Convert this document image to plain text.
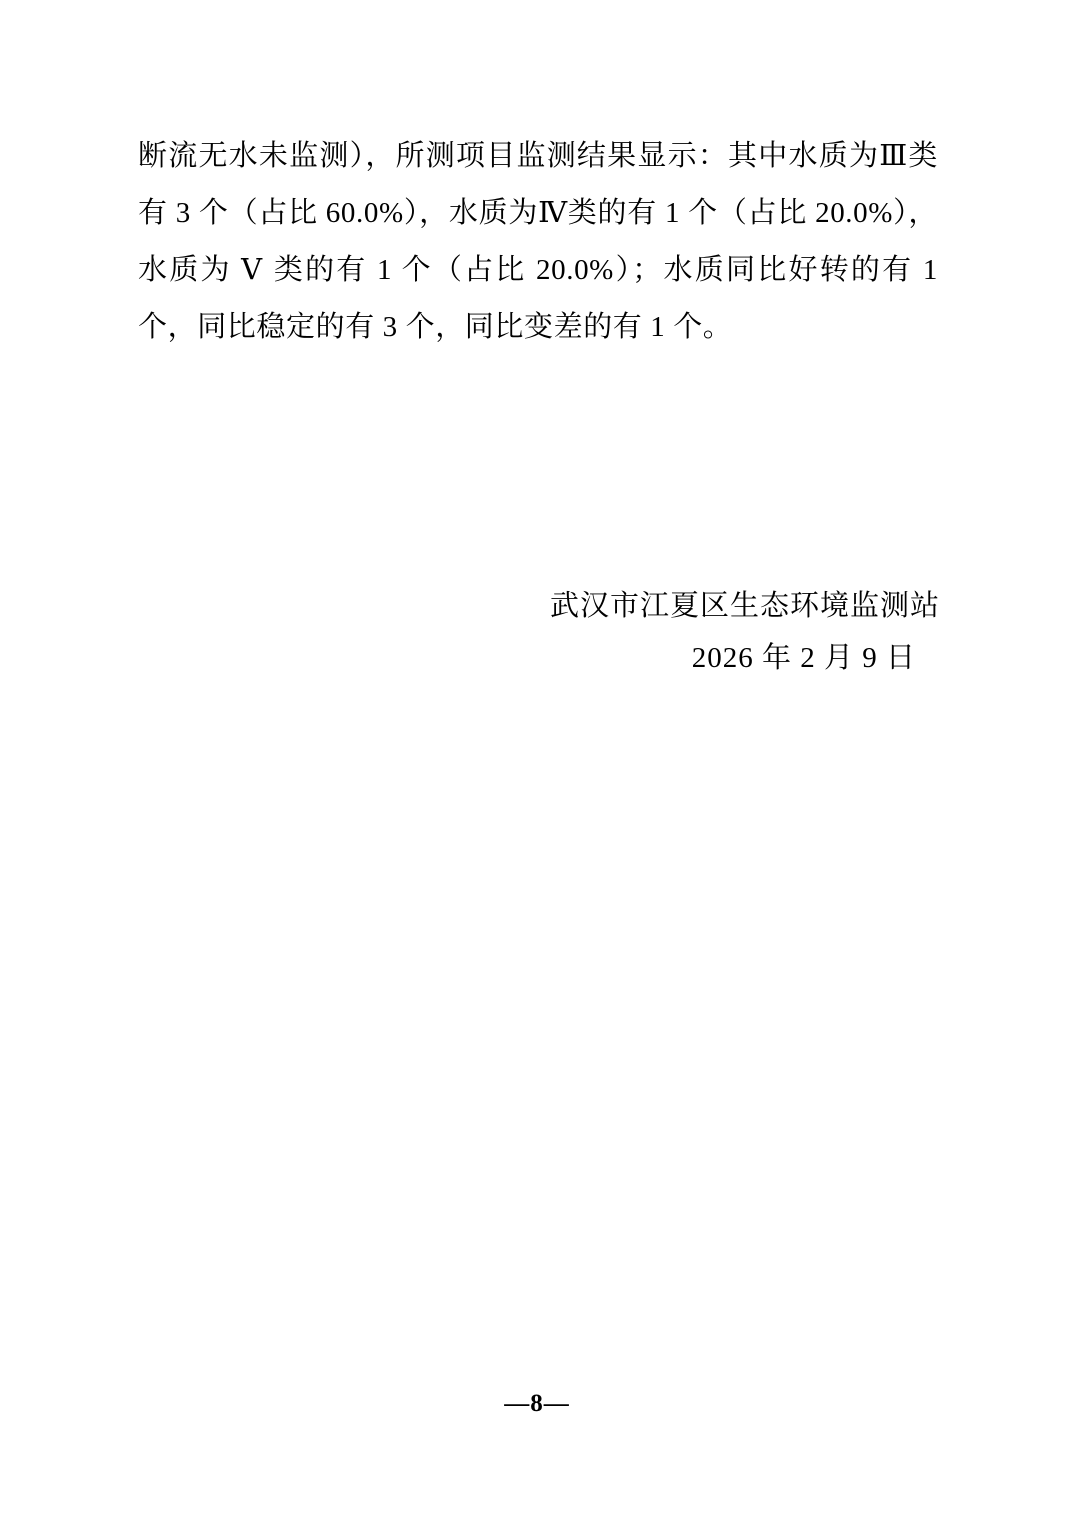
断流无水未监测），所测项目监测结果显示：其中水质为Ⅲ类有 3 个（占比 60.0%），水质为Ⅳ类的有 1 个（占比 20.0%），水质为 Ⅴ 类的有 1 个（占比 20.0%）；水质同比好转的有 1 个，同比稳定的有 3 个，同比变差的有 1 个。

武汉市江夏区生态环境监测站
2026 年 2 月 9 日
—8—
